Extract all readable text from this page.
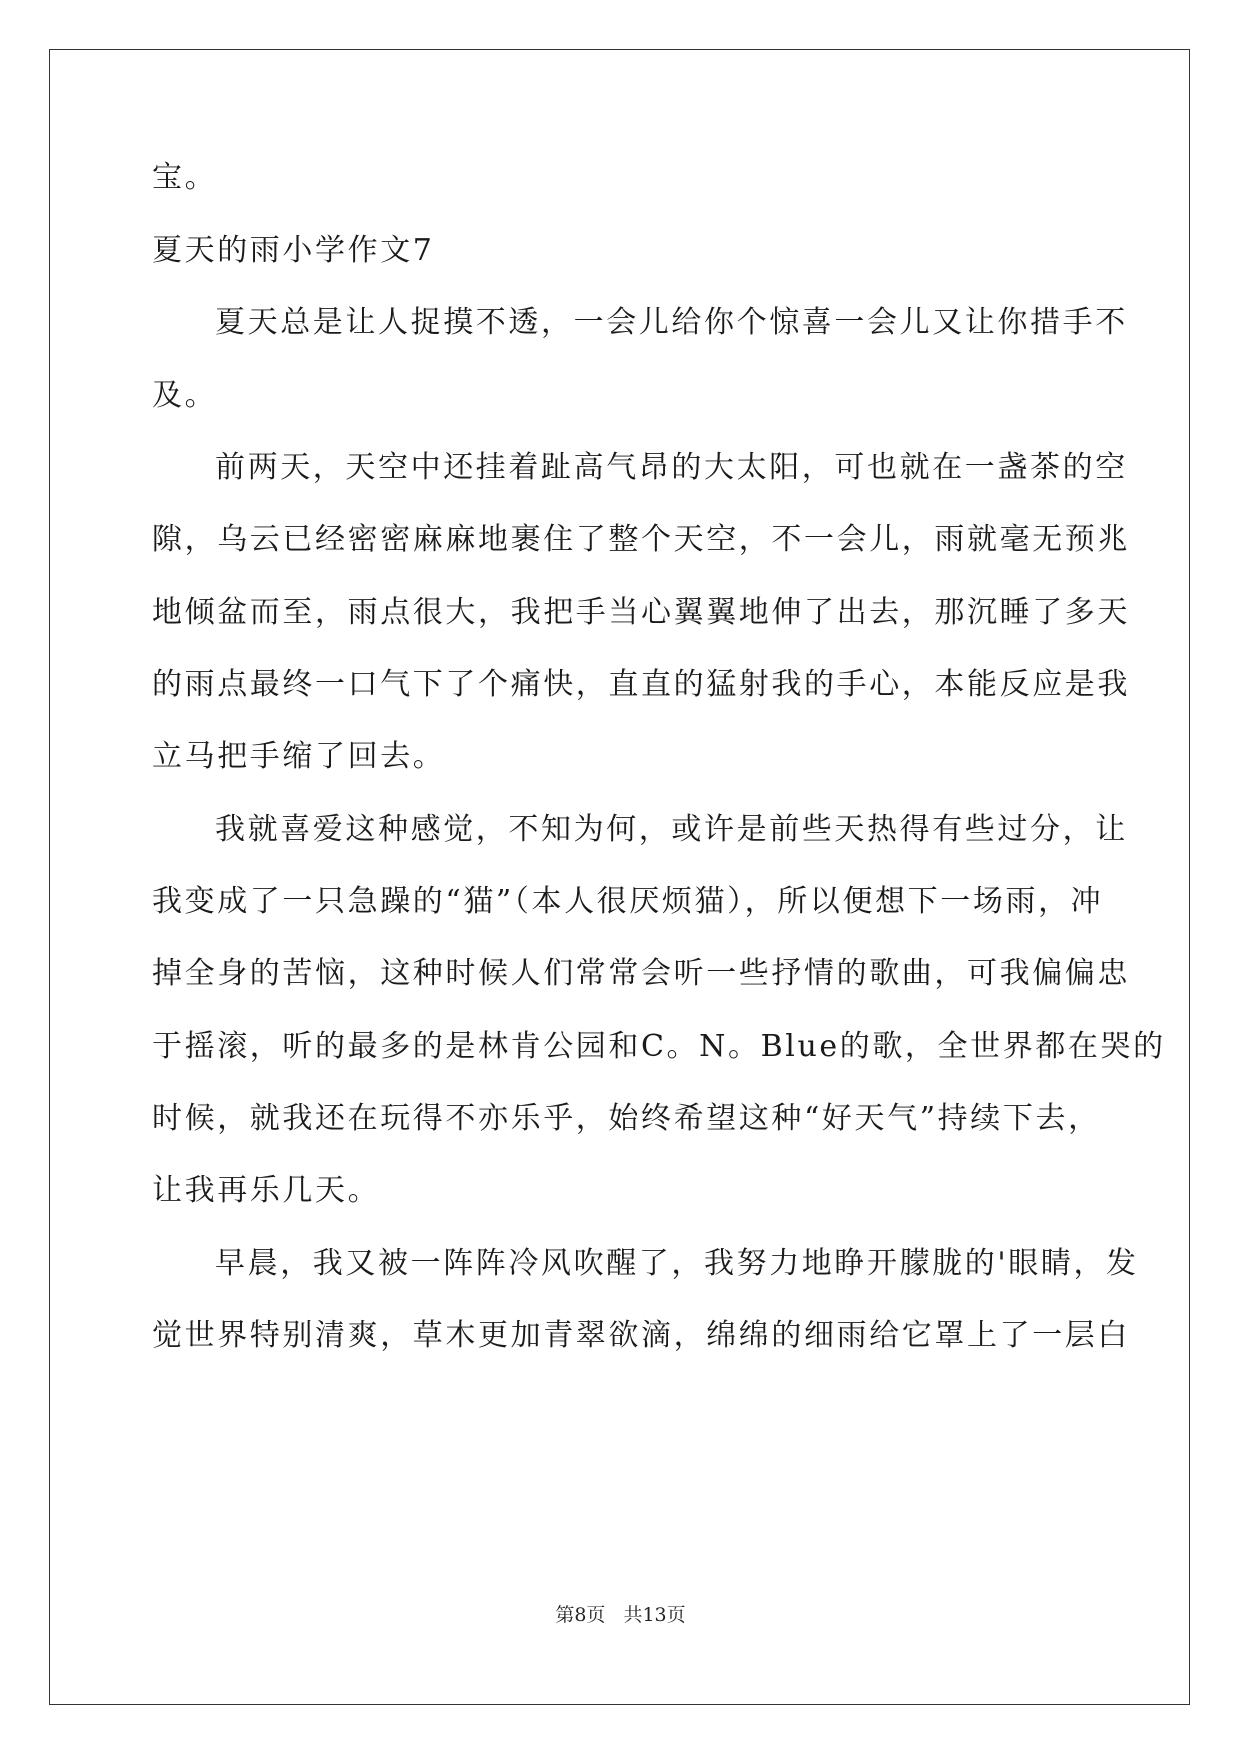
宝。

夏天的雨小学作文7

夏天总是让人捉摸不透，一会儿给你个惊喜一会儿又让你措手不

及。

前两天，天空中还挂着趾高气昂的大太阳，可也就在一盏茶的空

隙，乌云已经密密麻麻地裹住了整个天空，不一会儿，雨就毫无预兆

地倾盆而至，雨点很大，我把手当心翼翼地伸了出去，那沉睡了多天

的雨点最终一口气下了个痛快，直直的猛射我的手心，本能反应是我

立马把手缩了回去。

我就喜爱这种感觉，不知为何，或许是前些天热得有些过分，让

我变成了一只急躁的“猫”（本人很厌烦猫），所以便想下一场雨，冲

掉全身的苦恼，这种时候人们常常会听一些抒情的歌曲，可我偏偏忠

于摇滚，听的最多的是林肯公园和C。N。Blue的歌，全世界都在哭的

时候，就我还在玩得不亦乐乎，始终希望这种“好天气”持续下去，

让我再乐几天。

早晨，我又被一阵阵冷风吹醒了，我努力地睁开朦胧的'眼睛，发

觉世界特别清爽，草木更加青翠欲滴，绵绵的细雨给它罩上了一层白

第8页 共13页
